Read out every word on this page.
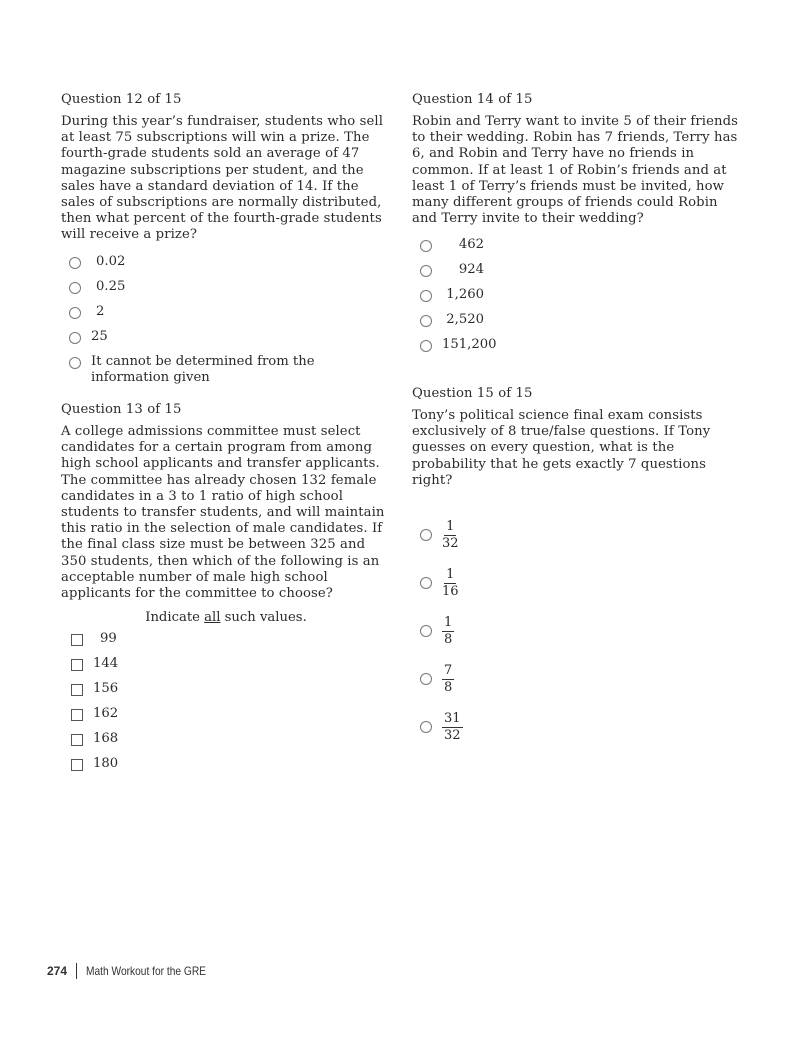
Question 12 of 15
During this year’s fundraiser, students who sell at least 75 subscriptions will win a prize. The fourth-grade students sold an average of 47 magazine subscriptions per student, and the sales have a standard deviation of 14. If the sales of subscriptions are normally distributed, then what percent of the fourth-grade students will receive a prize?
0.02
0.25
2
25
It cannot be determined from the information given
Question 14 of 15
Robin and Terry want to invite 5 of their friends to their wedding. Robin has 7 friends, Terry has 6, and Robin and Terry have no friends in common. If at least 1 of Robin’s friends and at least 1 of Terry’s friends must be invited, how many different groups of friends could Robin and Terry invite to their wedding?
462
924
1,260
2,520
151,200
Question 13 of 15
A college admissions committee must select candidates for a certain program from among high school applicants and transfer applicants. The committee has already chosen 132 female candidates in a 3 to 1 ratio of high school students to transfer students, and will maintain this ratio in the selection of male candidates. If the final class size must be between 325 and 350 students, then which of the following is an acceptable number of male high school applicants for the committee to choose?
Indicate all such values.
99
144
156
162
168
180
Question 15 of 15
Tony’s political science final exam consists exclusively of 8 true/false questions. If Tony guesses on every question, what is the probability that he gets exactly 7 questions right?
$\frac{1}{32}$
$\frac{1}{16}$
$\frac{1}{8}$
$\frac{7}{8}$
$\frac{31}{32}$
274 Math Workout for the GRE
